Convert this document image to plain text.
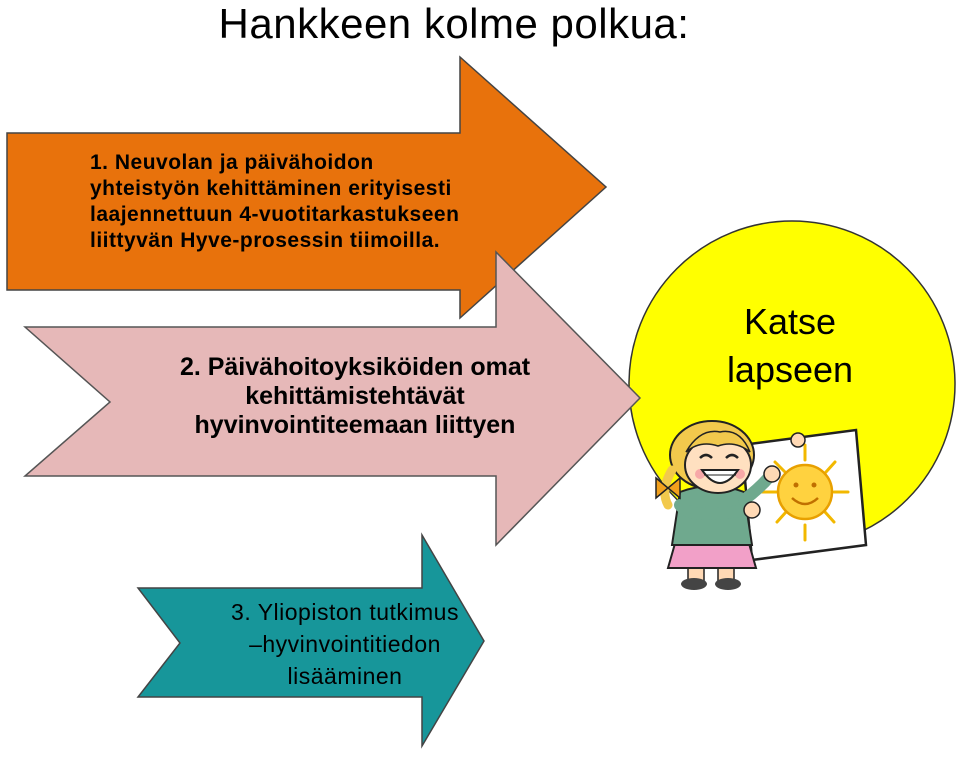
Hankkeen kolme polkua:
1. Neuvolan ja päivähoidon
yhteistyön kehittäminen erityisesti
laajennettuun 4-vuotitarkastukseen
liittyvän Hyve-prosessin tiimoilla.
2. Päivähoitoyksiköiden omat
kehittämistehtävät
hyvinvointiteemaan liittyen
3. Yliopiston tutkimus
–hyvinvointitiedon
lisääminen
Katse
lapseen
